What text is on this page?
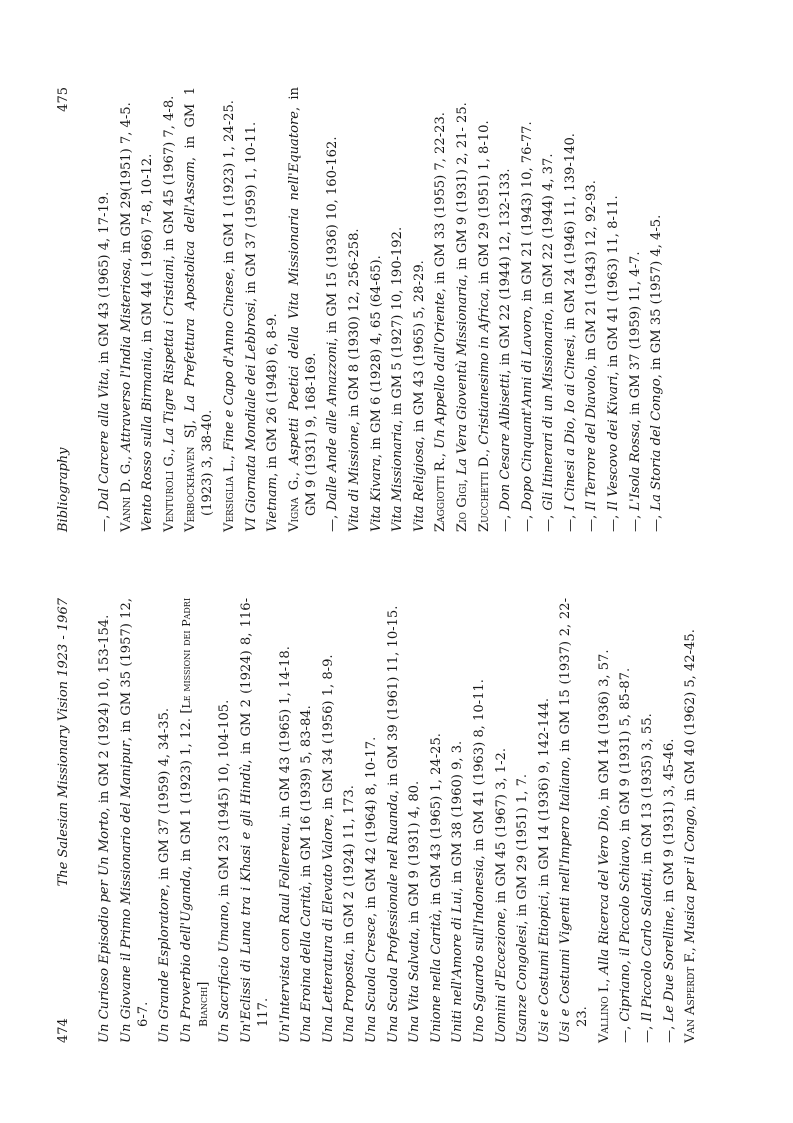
474
The Salesian Missionary Vision 1923 - 1967
Un Curioso Episodio per Un Morto, in GM 2 (1924) 10, 153-154.
Un Giovane il Primo Missionario del Manipur, in GM 35 (1957) 12, 6-7. Un Grande Esploratore, in GM 37 (1959) 4, 34-35.
Un Proverbio dell'Uganda, in GM 1 (1923) 1, 12. [Le missioni dei Padri Bianchi] Un Sacrificio Umano, in GM 23 (1945) 10, 104-105. Un'Eclissi di Luna tra i Khasi e gli Hindù, in GM 2 (1924) 8, 116-117. Un'Intervista con Raul Follereau, in GM 43 (1965) 1, 14-18.
Una Eroina della Carità, in GM 16 (1939) 5, 83-84.
Una Letteratura di Elevato Valore, in GM 34 (1956) 1, 8-9.
Una Proposta, in GM 2 (1924) 11, 173.
Una Scuola Cresce, in GM 42 (1964) 8, 10-17. Una Scuola Professionale nel Ruanda, in GM 39 (1961) 11, 10-15.
Una Vita Salvata, in GM 9 (1931) 4, 80.
Unione nella Carità, in GM 43 (1965) 1, 24-25.
Uniti nell'Amore di Lui, in GM 38 (1960) 9, 3.
Uno Sguardo sull'Indonesia, in GM 41 (1963) 8, 10-11.
Uomini d'Eccezione, in GM 45 (1967) 3, 1-2.
Usanze Congolesi, in GM 29 (1951) 1, 7.
Usi e Costumi Etiopici, in GM 14 (1936) 9, 142-144. Usi e Costumi Vigenti nell'Impero Italiano, in GM 15 (1937) 2, 22-23. Vallino I., Alla Ricerca del Vero Dio, in GM 14 (1936) 3, 57.
—, Cipriano, il Piccolo Schiavo, in GM 9 (1931) 5, 85-87.
—, Il Piccolo Carlo Salotti, in GM 13 (1935) 3, 55.
—, Le Due Sorelline, in GM 9 (1931) 3, 45-46.
Van Asperdt F., Musica per il Congo, in GM 40 (1962) 5, 42-45.
Bibliography
475
—, Dal Carcere alla Vita, in GM 43 (1965) 4, 17-19.
Vanni D. G., Attraverso l'India Misteriosa, in GM 29(1951) 7, 4-5.
Vento Rosso sulla Birmania, in GM 44 ( 1966) 7-8, 10-12.
Venturoli G., La Tigre Rispetta i Cristiani, in GM 45 (1967) 7, 4-8.
Verbockhaven SJ, La Prefettura Apostolica dell'Assam, in GM 1 (1923) 3, 38-40. Versiglia L., Fine e Capo d'Anno Cinese, in GM 1 (1923) 1, 24-25.
VI Giornata Mondiale dei Lebbrosi, in GM 37 (1959) 1, 10-11.
Vietnam, in GM 26 (1948) 6, 8-9.
Vigna G., Aspetti Poetici della Vita Missionaria nell'Equatore, in GM 9 (1931) 9, 168-169.
—, Dalle Ande alle Amazzoni, in GM 15 (1936) 10, 160-162.
Vita di Missione, in GM 8 (1930) 12, 256-258.
Vita Kivara, in GM 6 (1928) 4, 65 (64-65).
Vita Missionaria, in GM 5 (1927) 10, 190-192.
Vita Religiosa, in GM 43 (1965) 5, 28-29.
Zaggiotti R., Un Appello dall'Oriente, in GM 33 (1955) 7, 22-23.
Zio Gigi, La Vera Gioventù Missionaria, in GM 9 (1931) 2, 21- 25.
Zucchetti D., Cristianesimo in Africa, in GM 29 (1951) 1, 8-10.
—, Don Cesare Albisetti, in GM 22 (1944) 12, 132-133.
—, Dopo Cinquant'Anni di Lavoro, in GM 21 (1943) 10, 76-77.
—, Gli Itinerari di un Missionario, in GM 22 (1944) 4, 37.
—, I Cinesi a Dio, Io ai Cinesi, in GM 24 (1946) 11, 139-140.
—, Il Terrore del Diavolo, in GM 21 (1943) 12, 92-93.
—, Il Vescovo dei Kivari, in GM 41 (1963) 11, 8-11.
—, L'Isola Rossa, in GM 37 (1959) 11, 4-7.
—, La Storia del Congo, in GM 35 (1957) 4, 4-5.
